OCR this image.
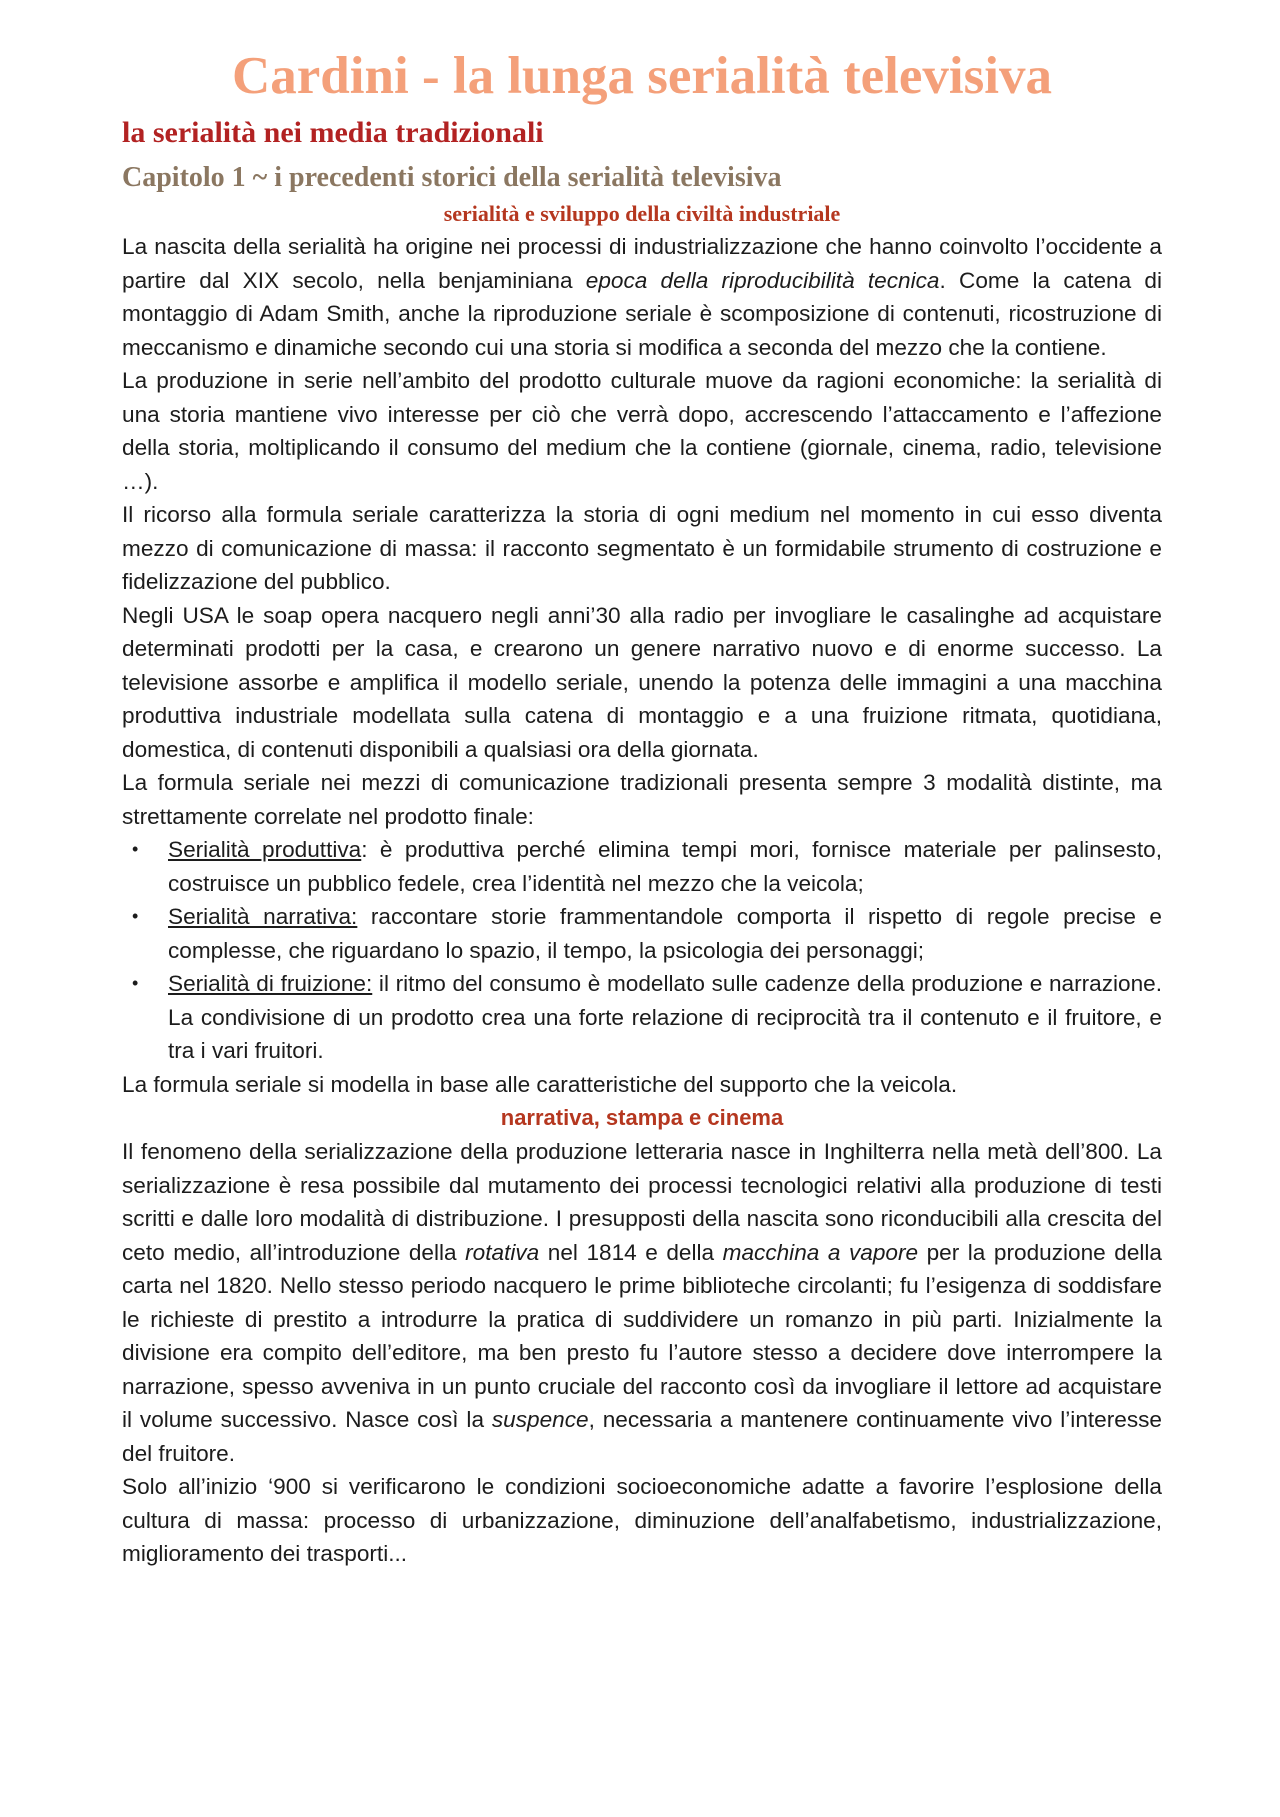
Cardini - la lunga serialità televisiva
la serialità nei media tradizionali
Capitolo 1 ~ i precedenti storici della serialità televisiva
serialità e sviluppo della civiltà industriale

La nascita della serialità ha origine nei processi di industrializzazione che hanno coinvolto l’occidente a partire dal XIX secolo, nella benjaminiana epoca della riproducibilità tecnica. Come la catena di montaggio di Adam Smith, anche la riproduzione seriale è scomposizione di contenuti, ricostruzione di meccanismo e dinamiche secondo cui una storia si modifica a seconda del mezzo che la contiene.

La produzione in serie nell’ambito del prodotto culturale muove da ragioni economiche: la serialità di una storia mantiene vivo interesse per ciò che verrà dopo, accrescendo l’attaccamento e l’affezione della storia, moltiplicando il consumo del medium che la contiene (giornale, cinema, radio, televisione …).

Il ricorso alla formula seriale caratterizza la storia di ogni medium nel momento in cui esso diventa mezzo di comunicazione di massa: il racconto segmentato è un formidabile strumento di costruzione e fidelizzazione del pubblico.

Negli USA le soap opera nacquero negli anni’30 alla radio per invogliare le casalinghe ad acquistare determinati prodotti per la casa, e crearono un genere narrativo nuovo e di enorme successo. La televisione assorbe e amplifica il modello seriale, unendo la potenza delle immagini a una macchina produttiva industriale modellata sulla catena di montaggio e a una fruizione ritmata, quotidiana, domestica, di contenuti disponibili a qualsiasi ora della giornata.

La formula seriale nei mezzi di comunicazione tradizionali presenta sempre 3 modalità distinte, ma strettamente correlate nel prodotto finale:

• Serialità produttiva: è produttiva perché elimina tempi mori, fornisce materiale per palinsesto, costruisce un pubblico fedele, crea l’identità nel mezzo che la veicola;
• Serialità narrativa: raccontare storie frammentandole comporta il rispetto di regole precise e complesse, che riguardano lo spazio, il tempo, la psicologia dei personaggi;
• Serialità di fruizione: il ritmo del consumo è modellato sulle cadenze della produzione e narrazione. La condivisione di un prodotto crea una forte relazione di reciprocità tra il contenuto e il fruitore, e tra i vari fruitori.

La formula seriale si modella in base alle caratteristiche del supporto che la veicola.

narrativa, stampa e cinema

Il fenomeno della serializzazione della produzione letteraria nasce in Inghilterra nella metà dell’800. La serializzazione è resa possibile dal mutamento dei processi tecnologici relativi alla produzione di testi scritti e dalle loro modalità di distribuzione. I presupposti della nascita sono riconducibili alla crescita del ceto medio, all’introduzione della rotativa nel 1814 e della macchina a vapore per la produzione della carta nel 1820. Nello stesso periodo nacquero le prime biblioteche circolanti; fu l’esigenza di soddisfare le richieste di prestito a introdurre la pratica di suddividere un romanzo in più parti. Inizialmente la divisione era compito dell’editore, ma ben presto fu l’autore stesso a decidere dove interrompere la narrazione, spesso avveniva in un punto cruciale del racconto così da invogliare il lettore ad acquistare il volume successivo. Nasce così la suspence, necessaria a mantenere continuamente vivo l’interesse del fruitore.

Solo all’inizio ‘900 si verificarono le condizioni socioeconomiche adatte a favorire l’esplosione della cultura di massa: processo di urbanizzazione, diminuzione dell’analfabetismo, industrializzazione, miglioramento dei trasporti...
